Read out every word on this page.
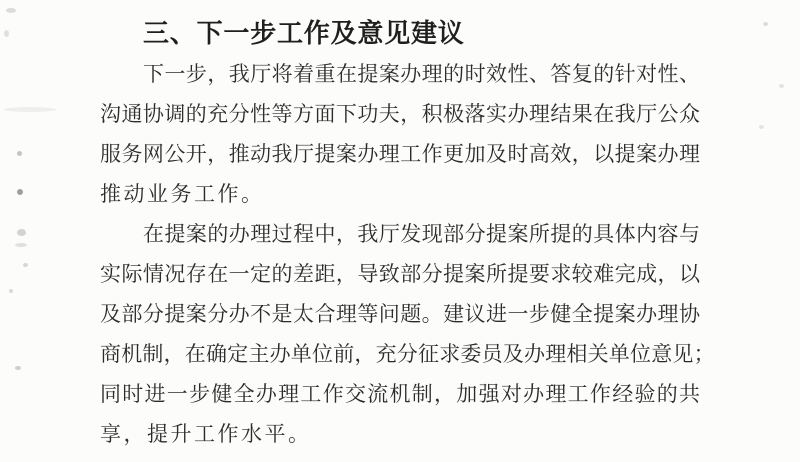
三、下一步工作及意见建议
下一步，我厅将着重在提案办理的时效性、答复的针对性、
沟通协调的充分性等方面下功夫，积极落实办理结果在我厅公众
服务网公开，推动我厅提案办理工作更加及时高效，以提案办理
推动业务工作。
在提案的办理过程中，我厅发现部分提案所提的具体内容与
实际情况存在一定的差距，导致部分提案所提要求较难完成，以
及部分提案分办不是太合理等问题。建议进一步健全提案办理协
商机制，在确定主办单位前，充分征求委员及办理相关单位意见；
同时进一步健全办理工作交流机制，加强对办理工作经验的共
享，提升工作水平。
